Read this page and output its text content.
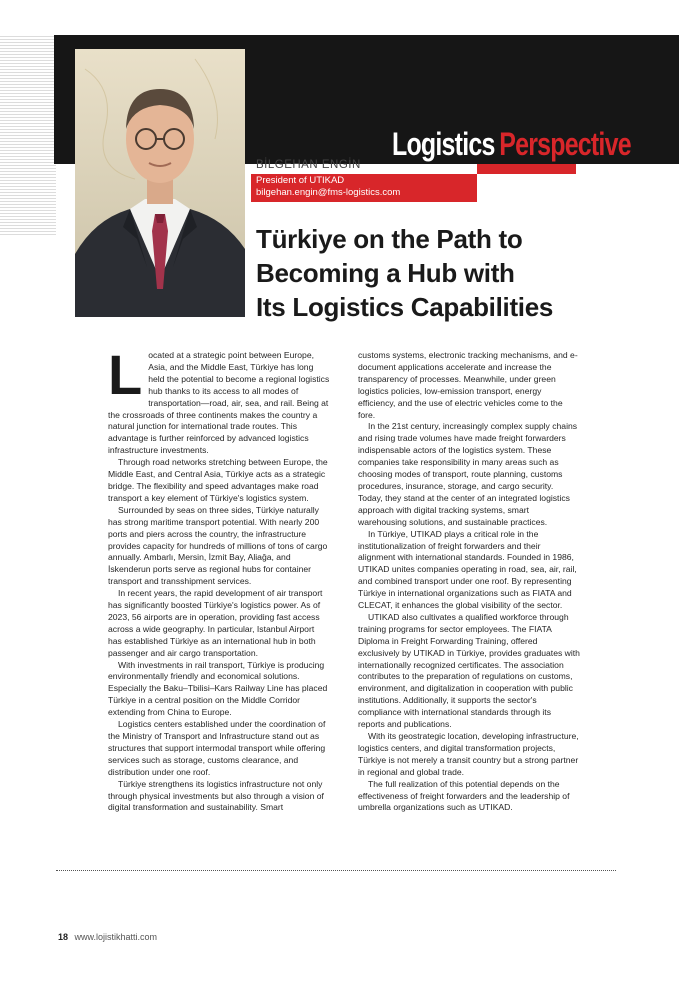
Logistics Perspective
BİLGEHAN ENGİN
President of UTIKAD
bilgehan.engin@fms-logistics.com
Türkiye on the Path to
Becoming a Hub with
Its Logistics Capabilities

Located at a strategic point between Europe, Asia, and the Middle East, Türkiye has long held the potential to become a regional logistics hub thanks to its access to all modes of transportation—road, air, sea, and rail. Being at the crossroads of three continents makes the country a natural junction for international trade routes. This advantage is further reinforced by advanced logistics infrastructure investments.

Through road networks stretching between Europe, the Middle East, and Central Asia, Türkiye acts as a strategic bridge. The flexibility and speed advantages make road transport a key element of Türkiye's logistics system.

Surrounded by seas on three sides, Türkiye naturally has strong maritime transport potential. With nearly 200 ports and piers across the country, the infrastructure provides capacity for hundreds of millions of tons of cargo annually. Ambarlı, Mersin, İzmit Bay, Aliağa, and İskenderun ports serve as regional hubs for container transport and transshipment services.

In recent years, the rapid development of air transport has significantly boosted Türkiye's logistics power. As of 2023, 56 airports are in operation, providing fast access across a wide geography. In particular, Istanbul Airport has established Türkiye as an international hub in both passenger and air cargo transportation.

With investments in rail transport, Türkiye is producing environmentally friendly and economical solutions. Especially the Baku–Tbilisi–Kars Railway Line has placed Türkiye in a central position on the Middle Corridor extending from China to Europe.

Logistics centers established under the coordination of the Ministry of Transport and Infrastructure stand out as structures that support intermodal transport while offering services such as storage, customs clearance, and distribution under one roof.

Türkiye strengthens its logistics infrastructure not only through physical investments but also through a vision of digital transformation and sustainability. Smart

customs systems, electronic tracking mechanisms, and e-document applications accelerate and increase the transparency of processes. Meanwhile, under green logistics policies, low-emission transport, energy efficiency, and the use of electric vehicles come to the fore.

In the 21st century, increasingly complex supply chains and rising trade volumes have made freight forwarders indispensable actors of the logistics system. These companies take responsibility in many areas such as choosing modes of transport, route planning, customs procedures, insurance, storage, and cargo security. Today, they stand at the center of an integrated logistics approach with digital tracking systems, smart warehousing solutions, and sustainable practices.

In Türkiye, UTIKAD plays a critical role in the institutionalization of freight forwarders and their alignment with international standards. Founded in 1986, UTIKAD unites companies operating in road, sea, air, rail, and combined transport under one roof. By representing Türkiye in international organizations such as FIATA and CLECAT, it enhances the global visibility of the sector.

UTIKAD also cultivates a qualified workforce through training programs for sector employees. The FIATA Diploma in Freight Forwarding Training, offered exclusively by UTIKAD in Türkiye, provides graduates with internationally recognized certificates. The association contributes to the preparation of regulations on customs, environment, and digitalization in cooperation with public institutions. Additionally, it supports the sector's compliance with international standards through its reports and publications.

With its geostrategic location, developing infrastructure, logistics centers, and digital transformation projects, Türkiye is not merely a transit country but a strong partner in regional and global trade.

The full realization of this potential depends on the effectiveness of freight forwarders and the leadership of umbrella organizations such as UTIKAD.

18 www.lojistikhatti.com
